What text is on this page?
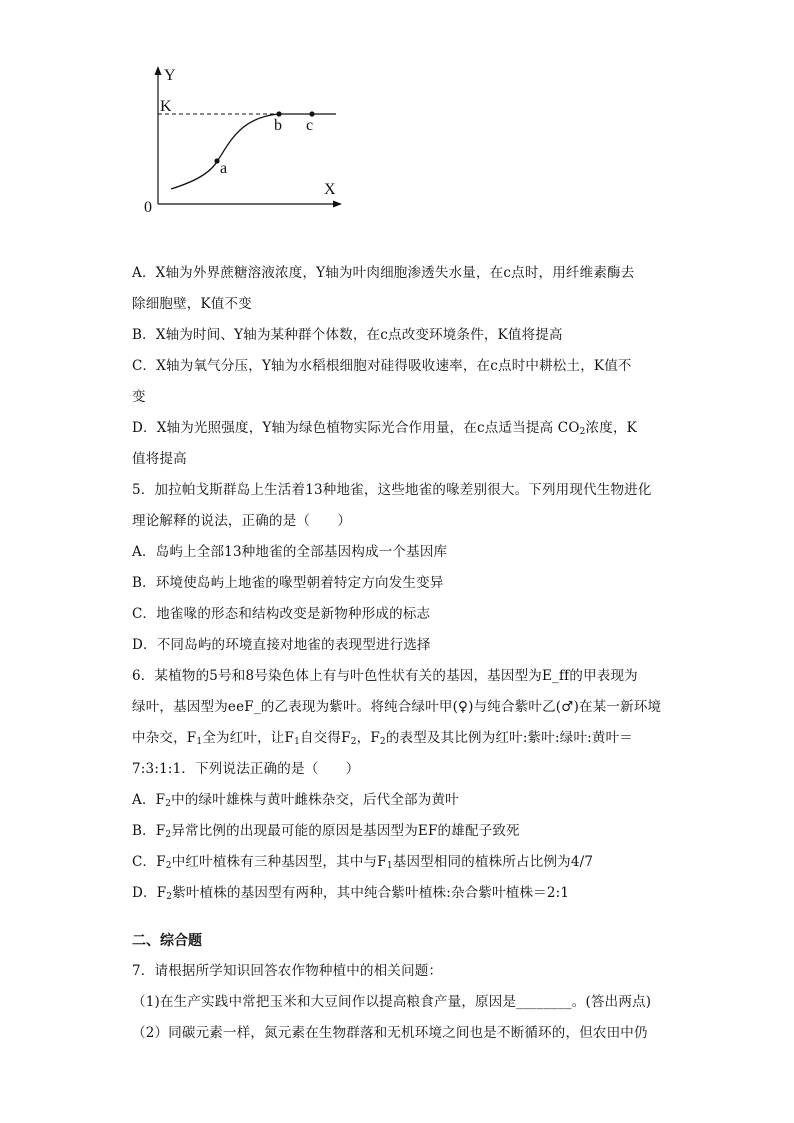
Y
X
K
0
a
b c
A．X轴为外界蔗糖溶液浓度，Y轴为叶肉细胞渗透失水量，在c点时，用纤维素酶去
除细胞壁，K值不变
B．X轴为时间、Y轴为某种群个体数，在c点改变环境条件，K值将提高
C．X轴为氧气分压，Y轴为水稻根细胞对硅得吸收速率，在c点时中耕松土，K值不
变
D．X轴为光照强度，Y轴为绿色植物实际光合作用量，在c点适当提高 $CO_2$浓度，K
值将提高
5．加拉帕戈斯群岛上生活着13种地雀，这些地雀的喙差别很大。下列用现代生物进化
理论解释的说法，正确的是（　　）
A．岛屿上全部13种地雀的全部基因构成一个基因库
B．环境使岛屿上地雀的喙型朝着特定方向发生变异
C．地雀喙的形态和结构改变是新物种形成的标志
D．不同岛屿的环境直接对地雀的表现型进行选择
6．某植物的5号和8号染色体上有与叶色性状有关的基因，基因型为E_ff的甲表现为
绿叶，基因型为eeF_的乙表现为紫叶。将纯合绿叶甲(♀)与纯合紫叶乙(♂)在某一新环境
中杂交，$F_1$全为红叶，让$F_1$自交得$F_2$，$F_2$的表型及其比例为红叶:紫叶:绿叶:黄叶＝
7:3:1:1．下列说法正确的是（　　）
A．$F_2$中的绿叶雄株与黄叶雌株杂交，后代全部为黄叶
B．$F_2$异常比例的出现最可能的原因是基因型为EF的雄配子致死
C．$F_2$中红叶植株有三种基因型，其中与$F_1$基因型相同的植株所占比例为4/7
D．$F_2$紫叶植株的基因型有两种，其中纯合紫叶植株:杂合紫叶植株＝2:1
二、综合题
7．请根据所学知识回答农作物种植中的相关问题：
（1)在生产实践中常把玉米和大豆间作以提高粮食产量，原因是________。(答出两点)
（2）同碳元素一样，氮元素在生物群落和无机环境之间也是不断循环的，但农田中仍
